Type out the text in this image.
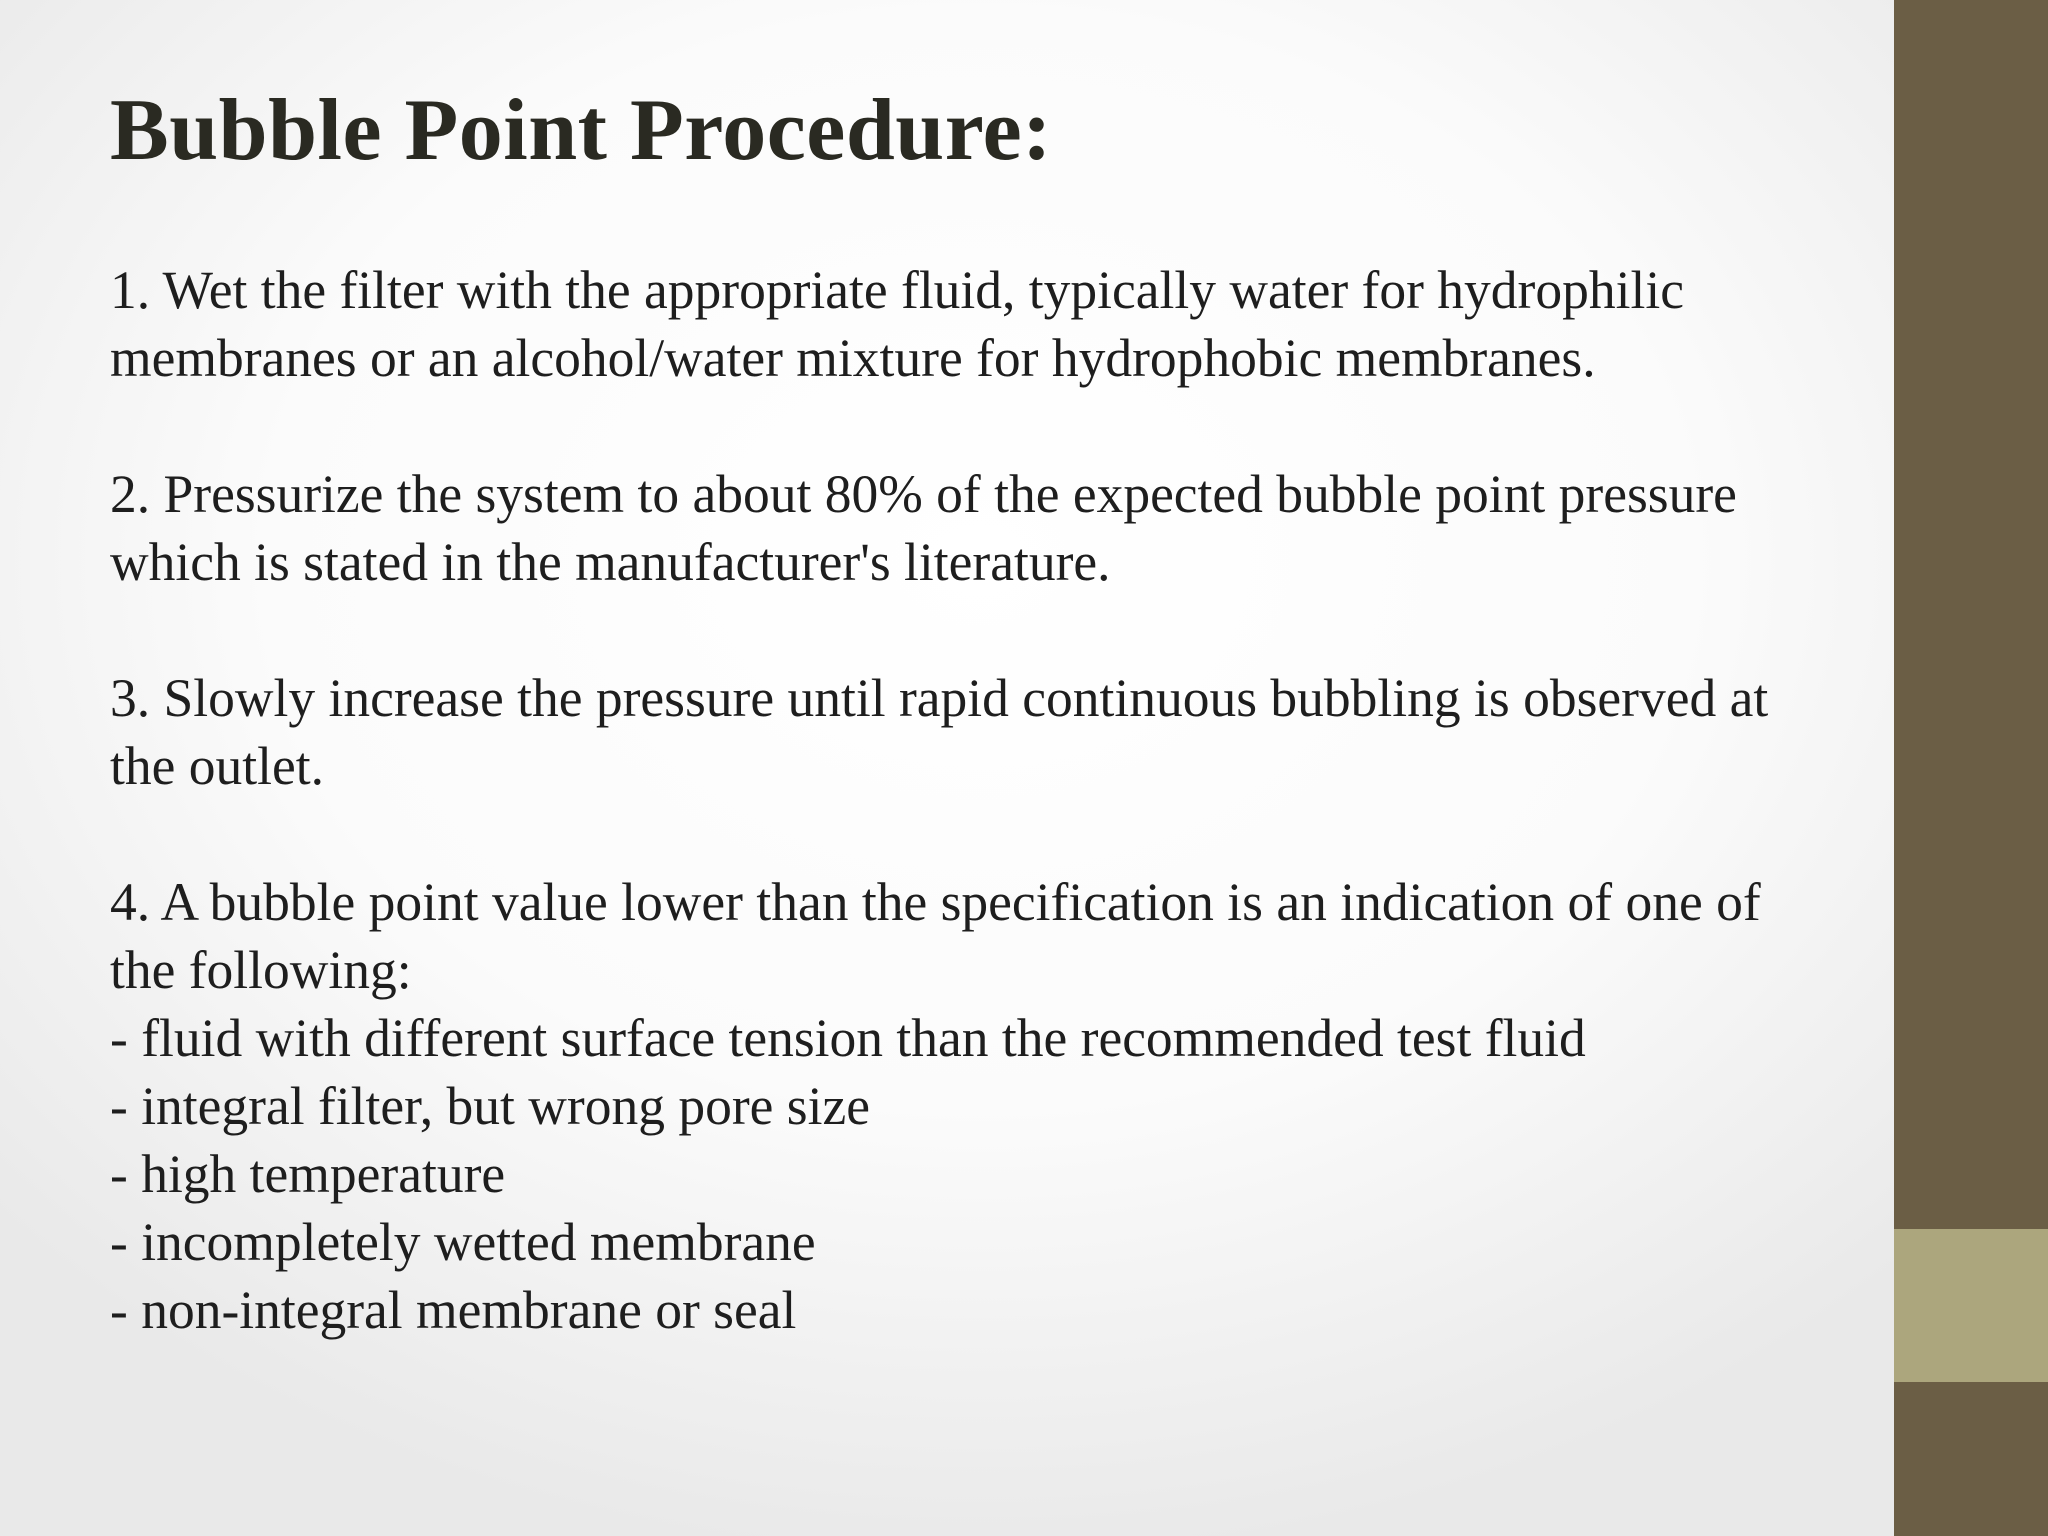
Bubble Point Procedure:

1. Wet the filter with the appropriate fluid, typically water for hydrophilic
membranes or an alcohol/water mixture for hydrophobic membranes.

2. Pressurize the system to about 80% of the expected bubble point pressure
which is stated in the manufacturer's literature.

3. Slowly increase the pressure until rapid continuous bubbling is observed at
the outlet.

4. A bubble point value lower than the specification is an indication of one of
the following:
- fluid with different surface tension than the recommended test fluid
- integral filter, but wrong pore size
- high temperature
- incompletely wetted membrane
- non-integral membrane or seal
